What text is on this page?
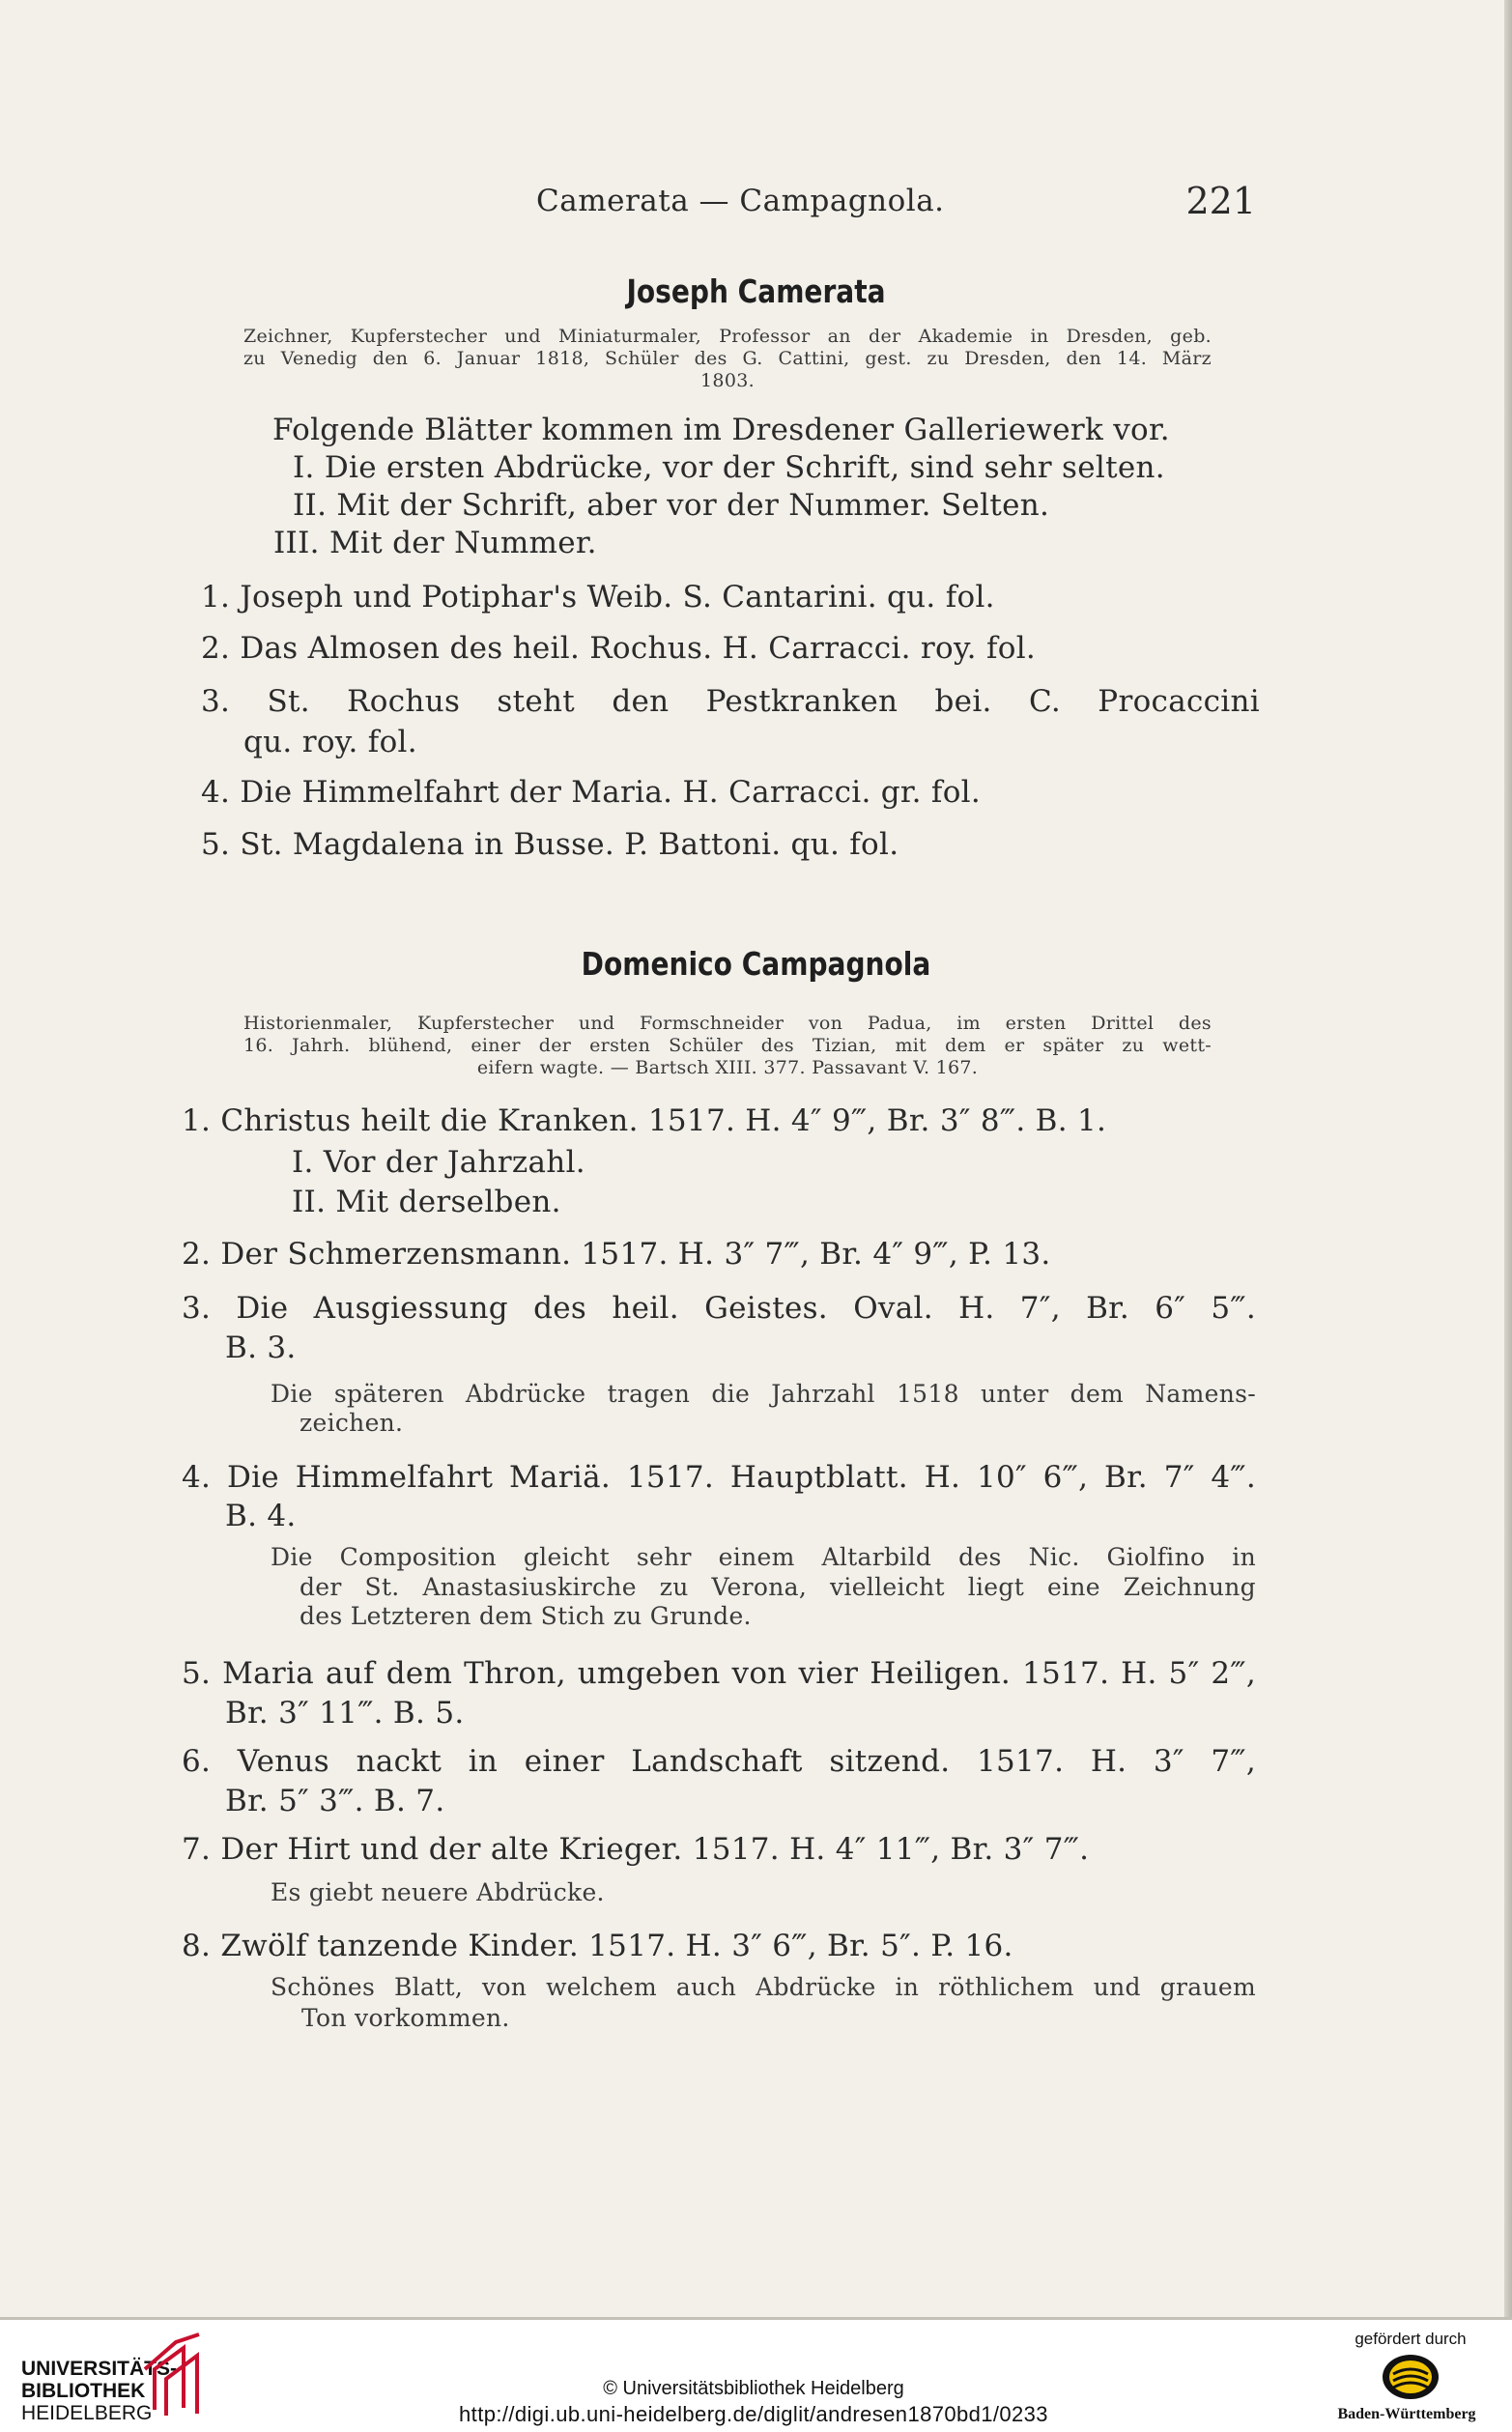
Camerata — Campagnola.	221
Joseph Camerata
Zeichner, Kupferstecher und Miniaturmaler, Professor an der Akademie in Dresden, geb.
zu Venedig den 6. Januar 1818, Schüler des G. Cattini, gest. zu Dresden, den 14. März
1803.
Folgende Blätter kommen im Dresdener Galleriewerk vor.
I. Die ersten Abdrücke, vor der Schrift, sind sehr selten.
II. Mit der Schrift, aber vor der Nummer. Selten.
III. Mit der Nummer.
1. Joseph und Potiphar's Weib. S. Cantarini. qu. fol.
2. Das Almosen des heil. Rochus. H. Carracci. roy. fol.
3. St. Rochus steht den Pestkranken bei. C. Procaccini
qu. roy. fol.
4. Die Himmelfahrt der Maria. H. Carracci. gr. fol.
5. St. Magdalena in Busse. P. Battoni. qu. fol.
Domenico Campagnola
Historienmaler, Kupferstecher und Formschneider von Padua, im ersten Drittel des
16. Jahrh. blühend, einer der ersten Schüler des Tizian, mit dem er später zu wett-
eifern wagte. — Bartsch XIII. 377. Passavant V. 167.
1. Christus heilt die Kranken. 1517. H. 4″ 9‴, Br. 3″ 8‴. B. 1.
I. Vor der Jahrzahl.
II. Mit derselben.
2. Der Schmerzensmann. 1517. H. 3″ 7‴, Br. 4″ 9‴, P. 13.
3. Die Ausgiessung des heil. Geistes. Oval. H. 7″, Br. 6″ 5‴.
B. 3.
Die späteren Abdrücke tragen die Jahrzahl 1518 unter dem Namens-
zeichen.
4. Die Himmelfahrt Mariä. 1517. Hauptblatt. H. 10″ 6‴, Br. 7″ 4‴.
B. 4.
Die Composition gleicht sehr einem Altarbild des Nic. Giolfino in
der St. Anastasiuskirche zu Verona, vielleicht liegt eine Zeichnung
des Letzteren dem Stich zu Grunde.
5. Maria auf dem Thron, umgeben von vier Heiligen. 1517. H. 5″ 2‴,
Br. 3″ 11‴. B. 5.
6. Venus nackt in einer Landschaft sitzend. 1517. H. 3″ 7‴,
Br. 5″ 3‴. B. 7.
7. Der Hirt und der alte Krieger. 1517. H. 4″ 11‴, Br. 3″ 7‴.
Es giebt neuere Abdrücke.
8. Zwölf tanzende Kinder. 1517. H. 3″ 6‴, Br. 5″. P. 16.
Schönes Blatt, von welchem auch Abdrücke in röthlichem und grauem
Ton vorkommen.
UNIVERSITÄTS-
BIBLIOTHEK
HEIDELBERG
© Universitätsbibliothek Heidelberg
http://digi.ub.uni-heidelberg.de/diglit/andresen1870bd1/0233
gefördert durch
Baden-Württemberg
